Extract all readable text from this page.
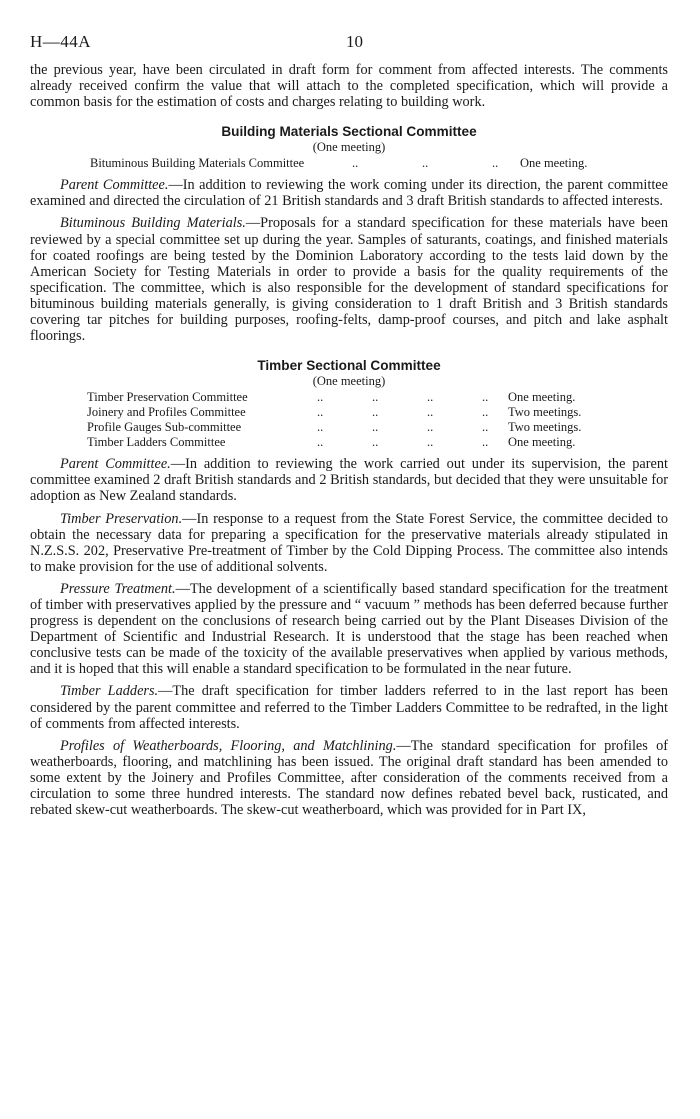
H—44A	10

the previous year, have been circulated in draft form for comment from affected interests. The comments already received confirm the value that will attach to the completed specification, which will provide a common basis for the estimation of costs and charges relating to building work.

Building Materials Sectional Committee
(One meeting)
Bituminous Building Materials Committee	..	..	..	One meeting.

Parent Committee.—In addition to reviewing the work coming under its direction, the parent committee examined and directed the circulation of 21 British standards and 3 draft British standards to affected interests.

Bituminous Building Materials.—Proposals for a standard specification for these materials have been reviewed by a special committee set up during the year. Samples of saturants, coatings, and finished materials for coated roofings are being tested by the Dominion Laboratory according to the tests laid down by the American Society for Testing Materials in order to provide a basis for the quality requirements of the specification. The committee, which is also responsible for the development of standard specifications for bituminous building materials generally, is giving consideration to 1 draft British and 3 British standards covering tar pitches for building purposes, roofing-felts, damp-proof courses, and pitch and lake asphalt floorings.

Timber Sectional Committee
(One meeting)
Timber Preservation Committee	..	..	..	..	One meeting.
Joinery and Profiles Committee	..	..	..	..	Two meetings.
Profile Gauges Sub-committee	..	..	..	..	Two meetings.
Timber Ladders Committee	..	..	..	..	One meeting.

Parent Committee.—In addition to reviewing the work carried out under its supervision, the parent committee examined 2 draft British standards and 2 British standards, but decided that they were unsuitable for adoption as New Zealand standards.

Timber Preservation.—In response to a request from the State Forest Service, the committee decided to obtain the necessary data for preparing a specification for the preservative materials already stipulated in N.Z.S.S. 202, Preservative Pre-treatment of Timber by the Cold Dipping Process. The committee also intends to make provision for the use of additional solvents.

Pressure Treatment.—The development of a scientifically based standard specification for the treatment of timber with preservatives applied by the pressure and “ vacuum ” methods has been deferred because further progress is dependent on the conclusions of research being carried out by the Plant Diseases Division of the Department of Scientific and Industrial Research. It is understood that the stage has been reached when conclusive tests can be made of the toxicity of the available preservatives when applied by various methods, and it is hoped that this will enable a standard specification to be formulated in the near future.

Timber Ladders.—The draft specification for timber ladders referred to in the last report has been considered by the parent committee and referred to the Timber Ladders Committee to be redrafted, in the light of comments from affected interests.

Profiles of Weatherboards, Flooring, and Matchlining.—The standard specification for profiles of weatherboards, flooring, and matchlining has been issued. The original draft standard has been amended to some extent by the Joinery and Profiles Committee, after consideration of the comments received from a circulation to some three hundred interests. The standard now defines rebated bevel back, rusticated, and rebated skew-cut weatherboards. The skew-cut weatherboard, which was provided for in Part IX,
